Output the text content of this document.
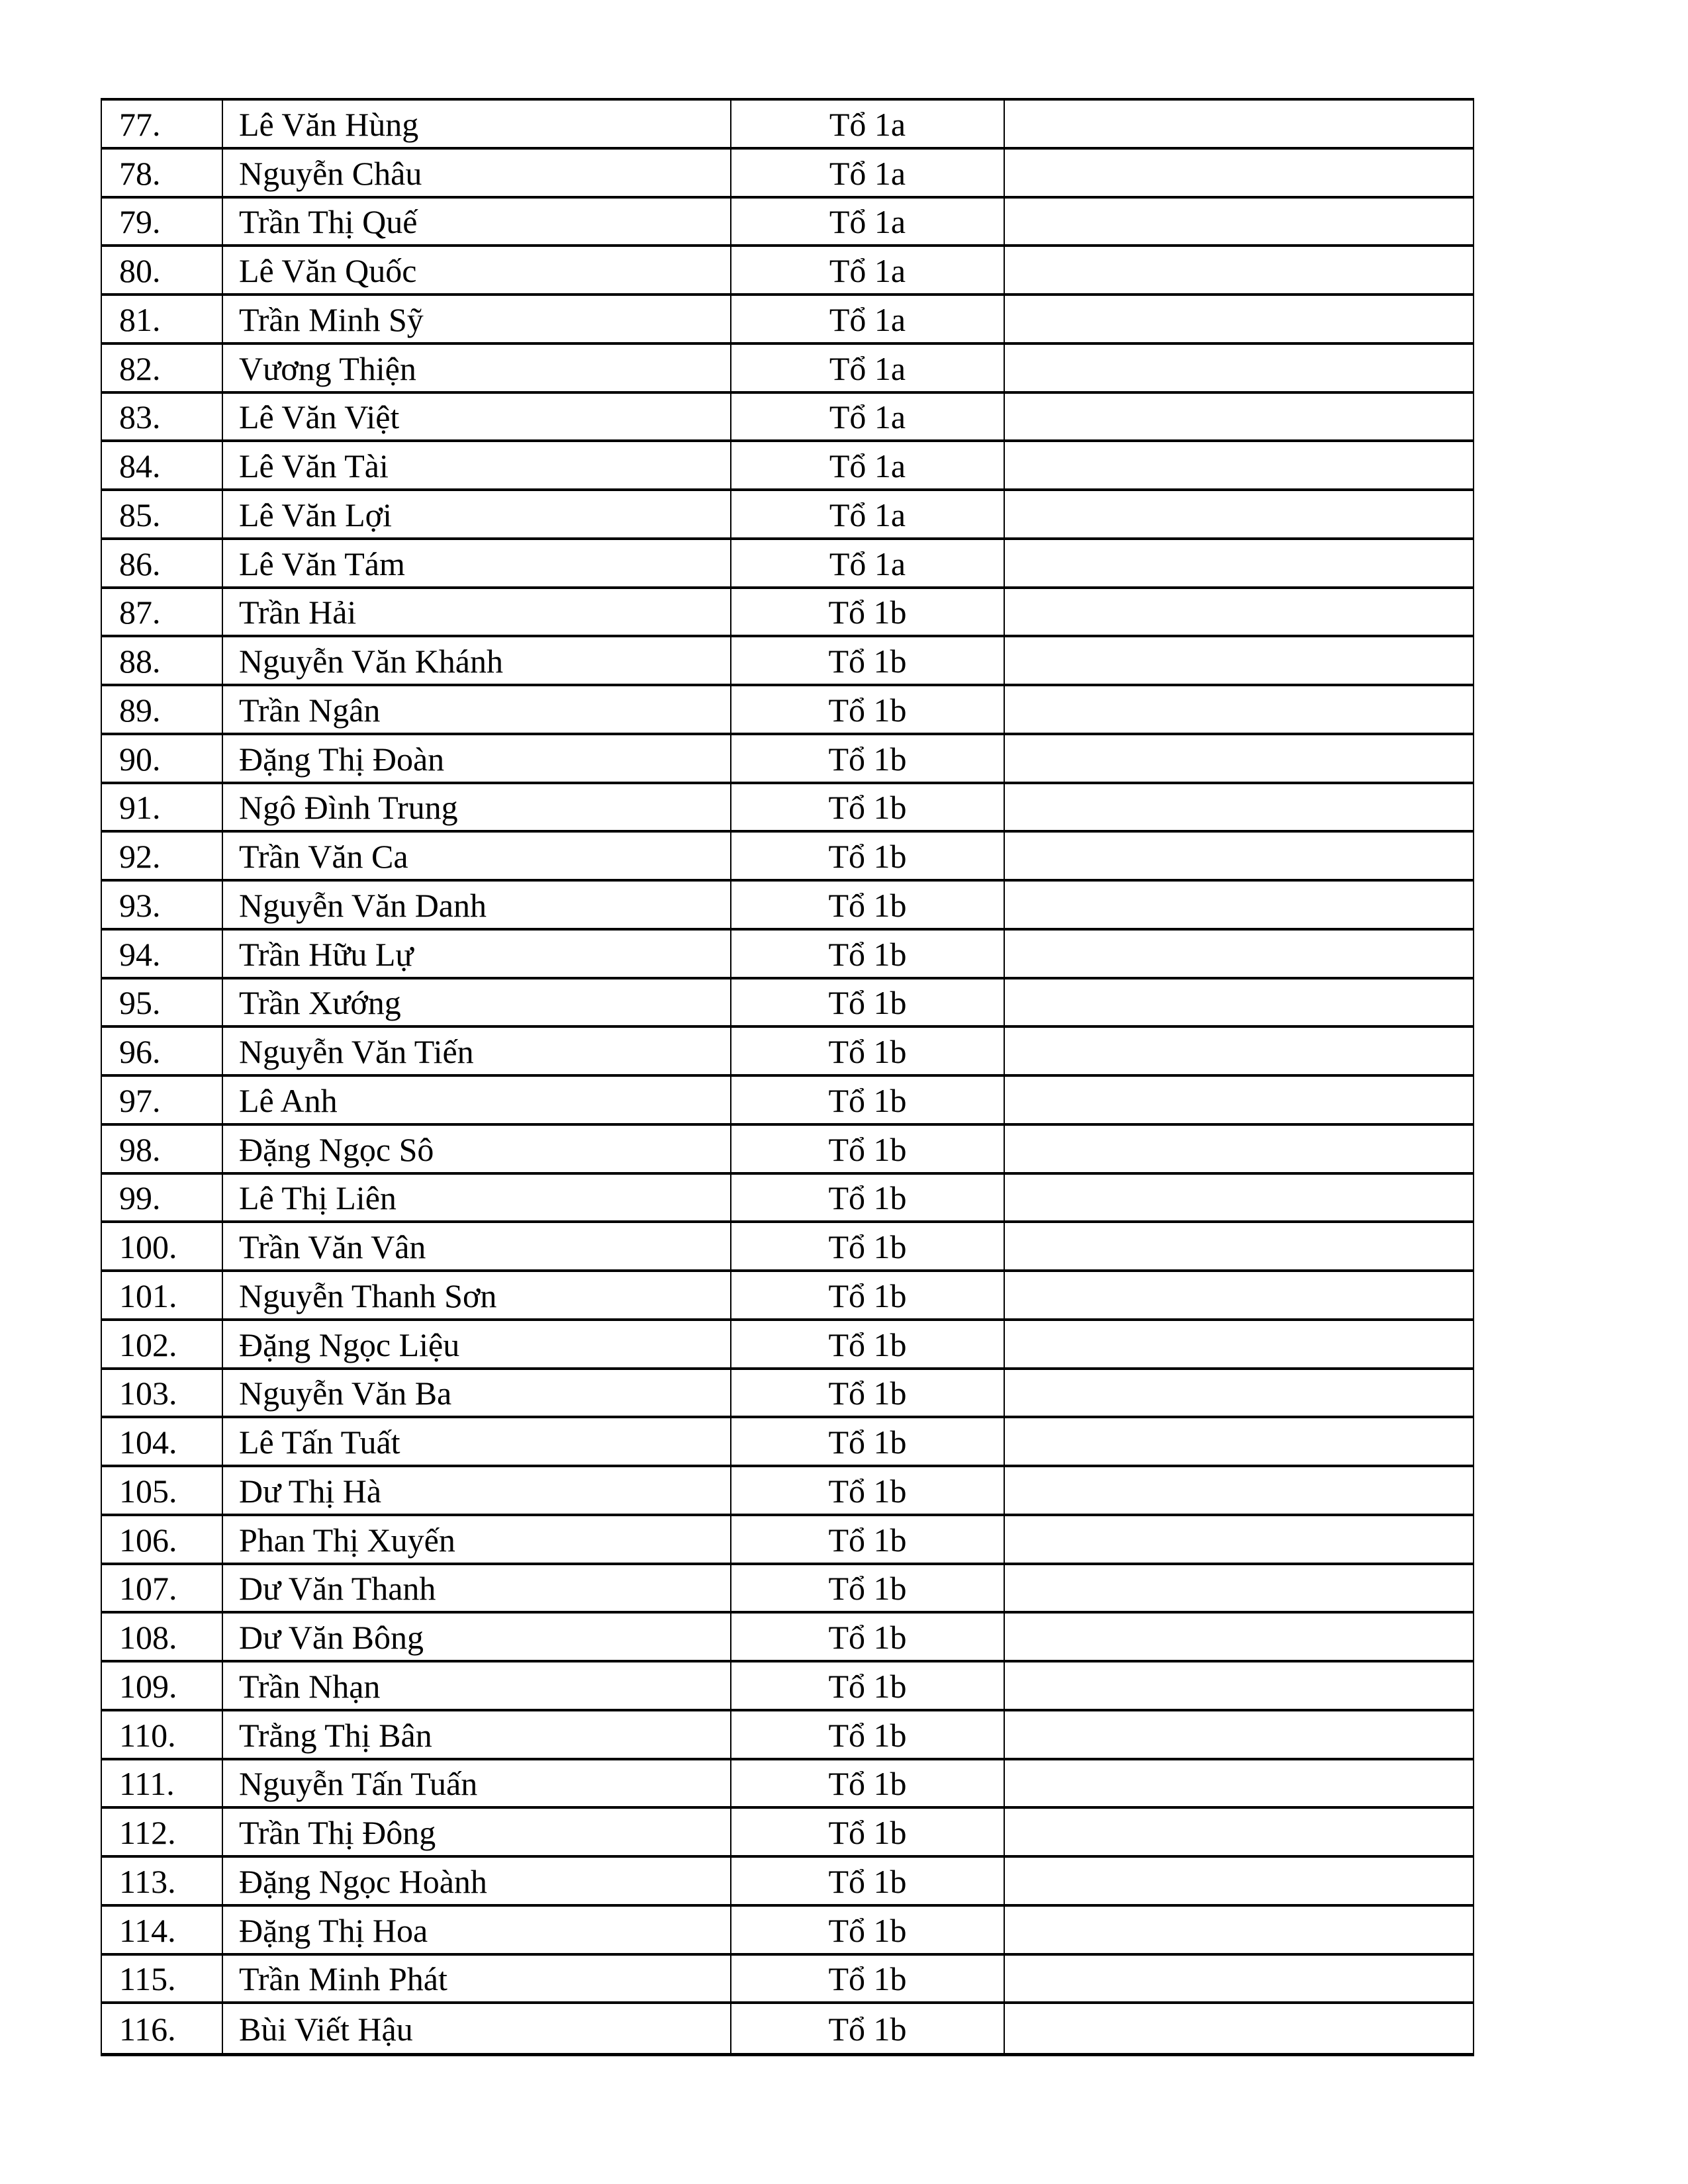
77.	Lê Văn Hùng	Tổ 1a
78.	Nguyễn Châu	Tổ 1a
79.	Trần Thị Quế	Tổ 1a
80.	Lê Văn Quốc	Tổ 1a
81.	Trần Minh Sỹ	Tổ 1a
82.	Vương Thiện	Tổ 1a
83.	Lê Văn Việt	Tổ 1a
84.	Lê Văn Tài	Tổ 1a
85.	Lê Văn Lợi	Tổ 1a
86.	Lê Văn Tám	Tổ 1a
87.	Trần Hải	Tổ 1b
88.	Nguyễn Văn Khánh	Tổ 1b
89.	Trần Ngân	Tổ 1b
90.	Đặng Thị Đoàn	Tổ 1b
91.	Ngô Đình Trung	Tổ 1b
92.	Trần Văn Ca	Tổ 1b
93.	Nguyễn Văn Danh	Tổ 1b
94.	Trần Hữu Lự	Tổ 1b
95.	Trần Xướng	Tổ 1b
96.	Nguyễn Văn Tiến	Tổ 1b
97.	Lê Anh	Tổ 1b
98.	Đặng Ngọc Sô	Tổ 1b
99.	Lê Thị Liên	Tổ 1b
100.	Trần Văn Vân	Tổ 1b
101.	Nguyễn Thanh Sơn	Tổ 1b
102.	Đặng Ngọc Liệu	Tổ 1b
103.	Nguyễn Văn Ba	Tổ 1b
104.	Lê Tấn Tuất	Tổ 1b
105.	Dư Thị Hà	Tổ 1b
106.	Phan Thị Xuyến	Tổ 1b
107.	Dư Văn Thanh	Tổ 1b
108.	Dư Văn Bông	Tổ 1b
109.	Trần Nhạn	Tổ 1b
110.	Trằng Thị Bân	Tổ 1b
111.	Nguyễn Tấn Tuấn	Tổ 1b
112.	Trần Thị Đông	Tổ 1b
113.	Đặng Ngọc Hoành	Tổ 1b
114.	Đặng Thị Hoa	Tổ 1b
115.	Trần Minh Phát	Tổ 1b
116.	Bùi Viết Hậu	Tổ 1b
